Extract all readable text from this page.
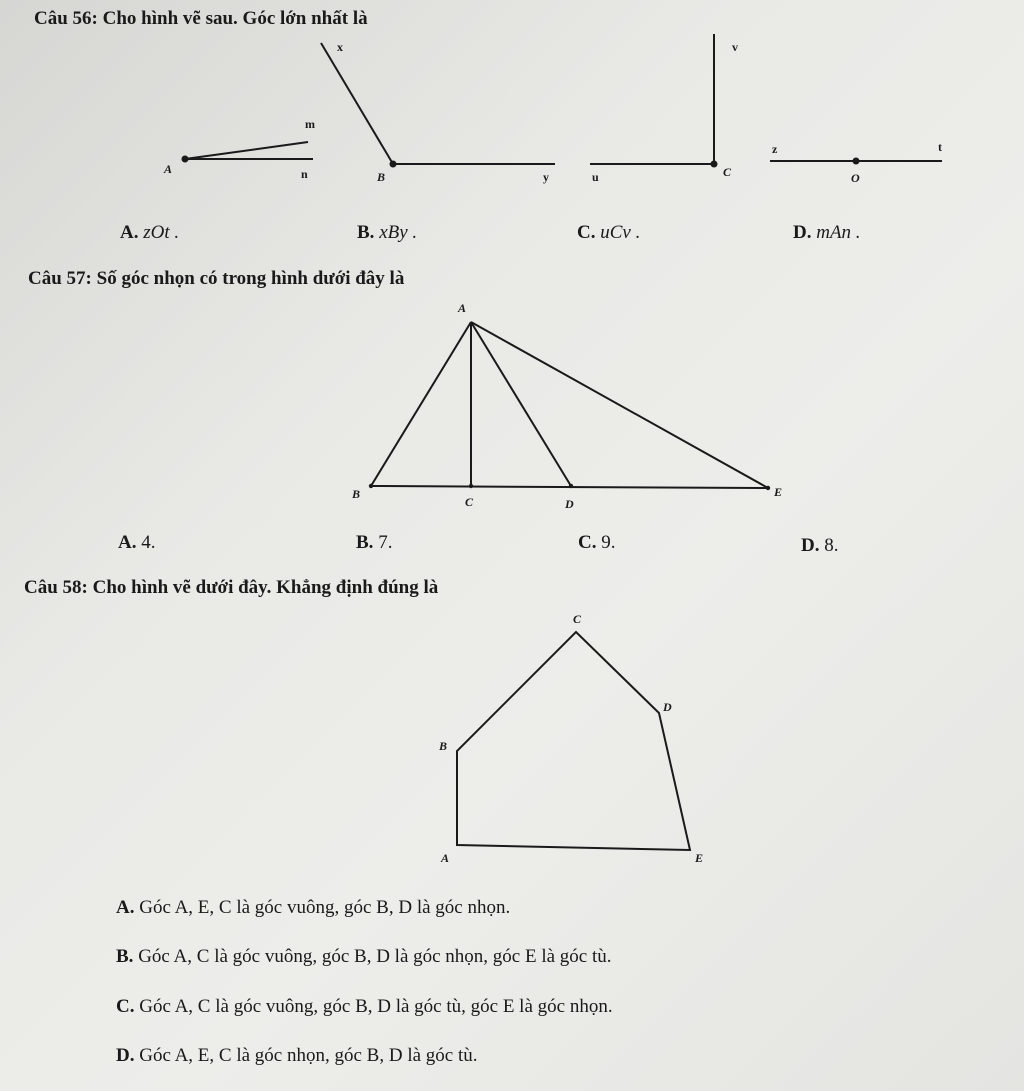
Câu 56: Cho hình vẽ sau. Góc lớn nhất là
m
A	n
x
B	y
v
u	C
z	t
O
A
B
C	D
E
C
D
B
A	E
A. zOt .	B. xBy .	C. uCv .	D. mAn .
Câu 57: Số góc nhọn có trong hình dưới đây là
A. 4.	B. 7.	C. 9.	D. 8.
Câu 58: Cho hình vẽ dưới đây. Khẳng định đúng là
A. Góc A, E, C là góc vuông, góc B, D là góc nhọn.
B. Góc A, C là góc vuông, góc B, D là góc nhọn, góc E là góc tù.
C. Góc A, C là góc vuông, góc B, D là góc tù, góc E là góc nhọn.
D. Góc A, E, C là góc nhọn, góc B, D là góc tù.
